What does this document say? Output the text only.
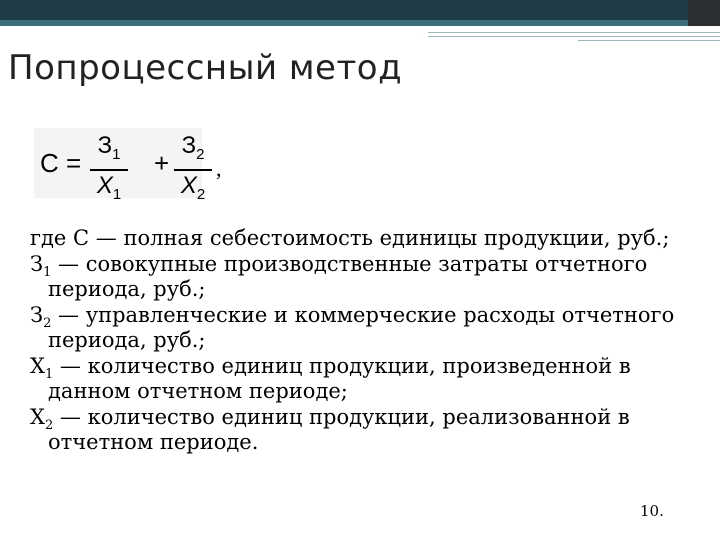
Попроцессный метод
С =
$З_1$
$X_1$
+
$З_2$
$X_2$
,

где С — полная себестоимость единицы продукции, руб.;

$З_1$ — совокупные производственные затраты отчетного периода, руб.;

$З_2$ — управленческие и коммерческие расходы отчетного периода, руб.;

$Х_1$ — количество единиц продукции, произведенной в данном отчетном периоде;

$Х_2$ — количество единиц продукции, реализованной в отчетном периоде.

10.
